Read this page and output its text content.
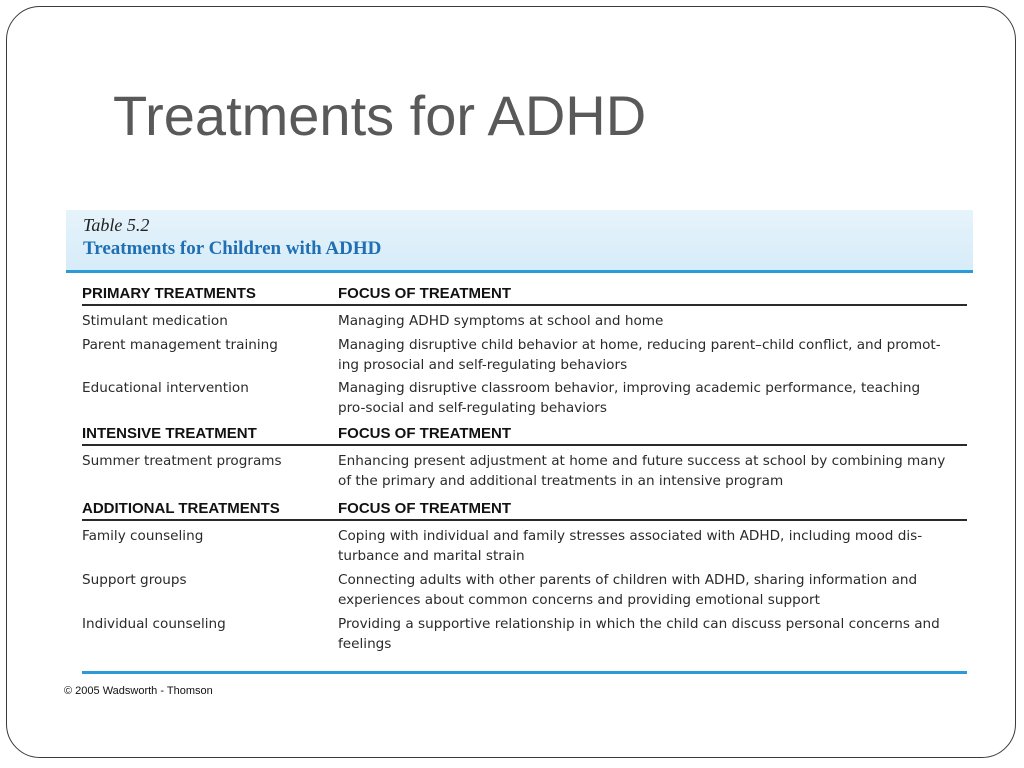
Treatments for ADHD
Table 5.2
Treatments for Children with ADHD
PRIMARY TREATMENTS	FOCUS OF TREATMENT
Stimulant medication	Managing ADHD symptoms at school and home
Parent management training	Managing disruptive child behavior at home, reducing parent–child conflict, and promot-
ing prosocial and self-regulating behaviors
Educational intervention	Managing disruptive classroom behavior, improving academic performance, teaching
pro-social and self-regulating behaviors
INTENSIVE TREATMENT	FOCUS OF TREATMENT
Summer treatment programs	Enhancing present adjustment at home and future success at school by combining many
of the primary and additional treatments in an intensive program
ADDITIONAL TREATMENTS	FOCUS OF TREATMENT
Family counseling	Coping with individual and family stresses associated with ADHD, including mood dis-
turbance and marital strain
Support groups	Connecting adults with other parents of children with ADHD, sharing information and
experiences about common concerns and providing emotional support
Individual counseling	Providing a supportive relationship in which the child can discuss personal concerns and
feelings
© 2005 Wadsworth - Thomson
